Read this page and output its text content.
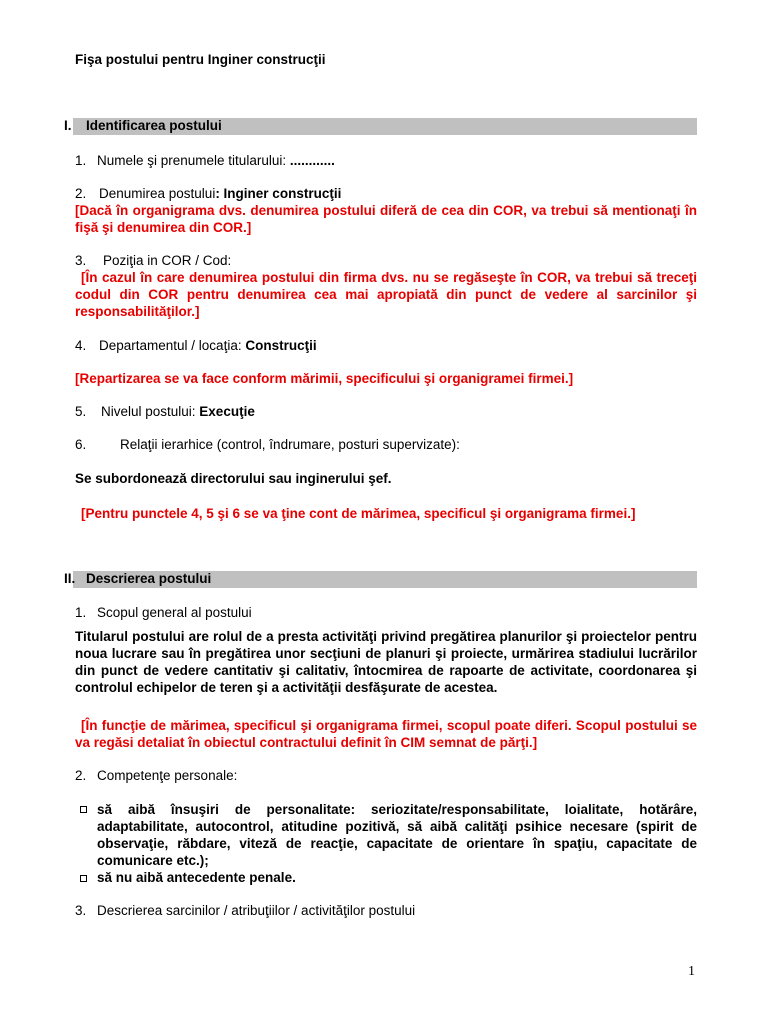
Fişa postului pentru Inginer construcţii
I. Identificarea postului
1. Numele şi prenumele titularului: ............
2. Denumirea postului: Inginer construcţii
[Dacă în organigrama dvs. denumirea postului diferă de cea din COR, va trebui să mentionaţi în fişă şi denumirea din COR.]
3. Poziţia in COR / Cod:
[În cazul în care denumirea postului din firma dvs. nu se regăseşte în COR, va trebui să treceţi codul din COR pentru denumirea cea mai apropiată din punct de vedere al sarcinilor şi responsabilităţilor.]
4. Departamentul / locaţia: Construcţii
[Repartizarea se va face conform mărimii, specificului şi organigramei firmei.]
5. Nivelul postului: Execuţie
6. Relaţii ierarhice (control, îndrumare, posturi supervizate):
Se subordonează directorului sau inginerului şef.
[Pentru punctele 4, 5 şi 6 se va ţine cont de mărimea, specificul şi organigrama firmei.]
II. Descrierea postului
1. Scopul general al postului
Titularul postului are rolul de a presta activităţi privind pregătirea planurilor şi proiectelor pentru noua lucrare sau în pregătirea unor secţiuni de planuri şi proiecte, urmărirea stadiului lucrărilor din punct de vedere cantitativ şi calitativ, întocmirea de rapoarte de activitate, coordonarea şi controlul echipelor de teren şi a activităţii desfăşurate de acestea.
[În funcţie de mărimea, specificul şi organigrama firmei, scopul poate diferi. Scopul postului se va regăsi detaliat în obiectul contractului definit în CIM semnat de părţi.]
2. Competenţe personale:
să aibă însuşiri de personalitate: seriozitate/responsabilitate, loialitate, hotărâre, adaptabilitate, autocontrol, atitudine pozitivă, să aibă calităţi psihice necesare (spirit de observaţie, răbdare, viteză de reacţie, capacitate de orientare în spaţiu, capacitate de comunicare etc.);
să nu aibă antecedente penale.
3. Descrierea sarcinilor / atribuţiilor / activităţilor postului
1
